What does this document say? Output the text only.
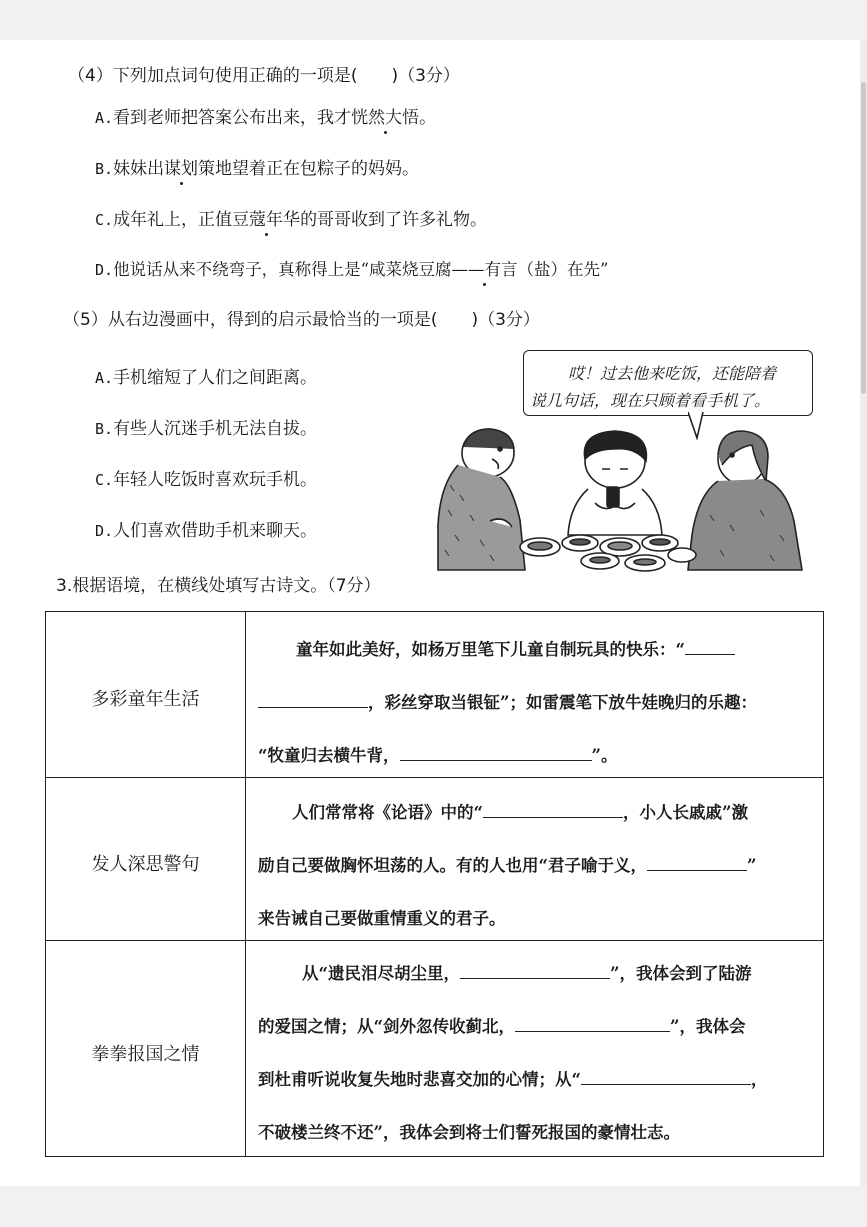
（4）下列加点词句使用正确的一项是(　　)（3分）
A.看到老师把答案公布出来，我才恍然大悟。
B.妹妹出谋划策地望着正在包粽子的妈妈。
C.成年礼上，正值豆蔻年华的哥哥收到了许多礼物。
D.他说话从来不绕弯子，真称得上是“咸菜烧豆腐——有言（盐）在先”
（5）从右边漫画中，得到的启示最恰当的一项是(　　)（3分）
A.手机缩短了人们之间距离。
B.有些人沉迷手机无法自拔。
C.年轻人吃饭时喜欢玩手机。
D.人们喜欢借助手机来聊天。
哎！过去他来吃饭，还能陪着
说几句话，现在只顾着看手机了。
3.根据语境，在横线处填写古诗文。（7分）
多彩童年生活
童年如此美好，如杨万里笔下儿童自制玩具的快乐：“
，彩丝穿取当银钲”；如雷震笔下放牛娃晚归的乐趣：
“牧童归去横牛背，	”。
发人深思警句
人们常常将《论语》中的“	，小人长戚戚”激
励自己要做胸怀坦荡的人。有的人也用“君子喻于义，	”
来告诫自己要做重情重义的君子。
拳拳报国之情
从“遗民泪尽胡尘里，	”，我体会到了陆游
的爱国之情；从“剑外忽传收蓟北，	”，我体会
到杜甫听说收复失地时悲喜交加的心情；从“	，
不破楼兰终不还”，我体会到将士们誓死报国的豪情壮志。
